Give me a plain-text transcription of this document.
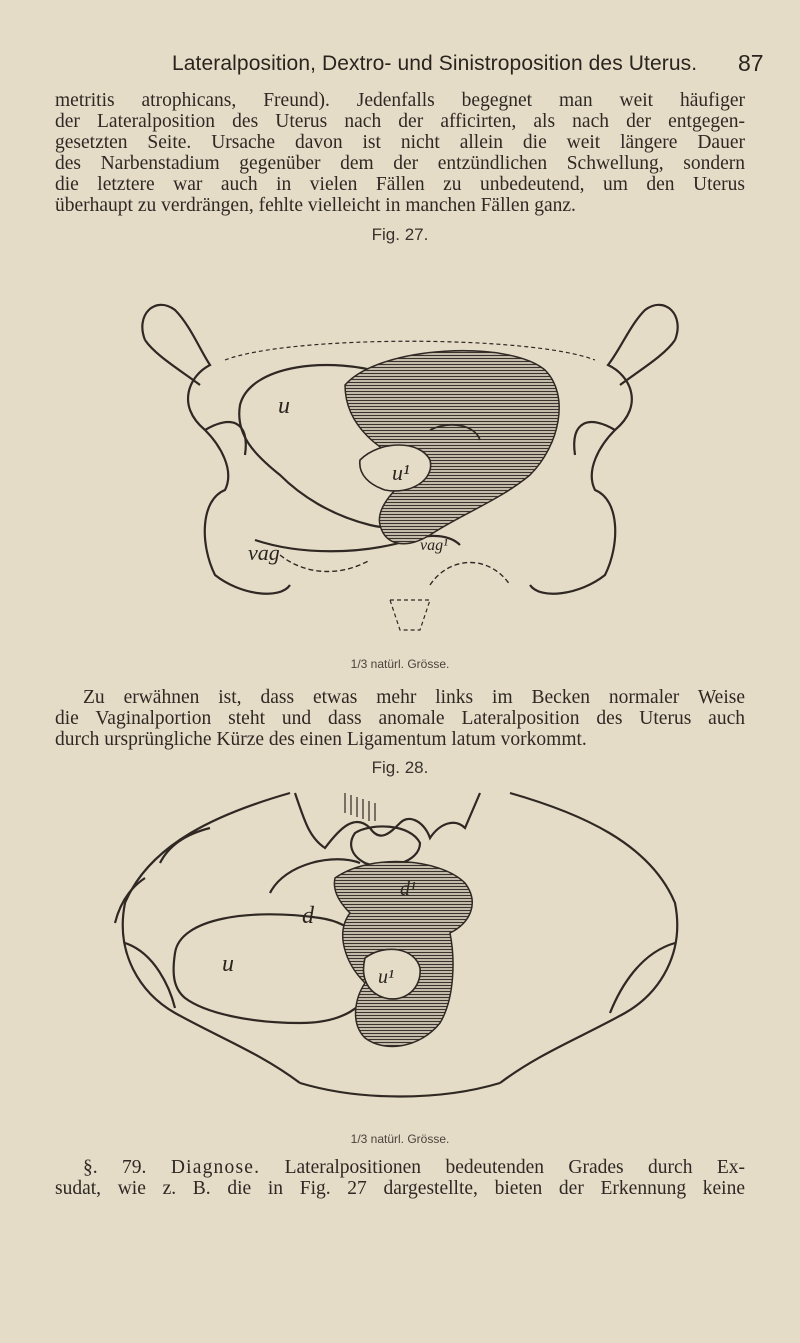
Lateralposition, Dextro- und Sinistroposition des Uterus. 87
metritis atrophicans, Freund). Jedenfalls begegnet man weit häufiger
der Lateralposition des Uterus nach der afficirten, als nach der entgegen-
gesetzten Seite. Ursache davon ist nicht allein die weit längere Dauer
des Narbenstadium gegenüber dem der entzündlichen Schwellung, sondern
die letztere war auch in vielen Fällen zu unbedeutend, um den Uterus
überhaupt zu verdrängen, fehlte vielleicht in manchen Fällen ganz.
Fig. 27.
u
u¹
vag	vag¹
1/3 natürl. Grösse.
Zu erwähnen ist, dass etwas mehr links im Becken normaler Weise
die Vaginalportion steht und dass anomale Lateralposition des Uterus auch
durch ursprüngliche Kürze des einen Ligamentum latum vorkommt.
Fig. 28.
u	u¹
d
d¹
1/3 natürl. Grösse.
§. 79. Diagnose. Lateralpositionen bedeutenden Grades durch Ex-
sudat, wie z. B. die in Fig. 27 dargestellte, bieten der Erkennung keine
